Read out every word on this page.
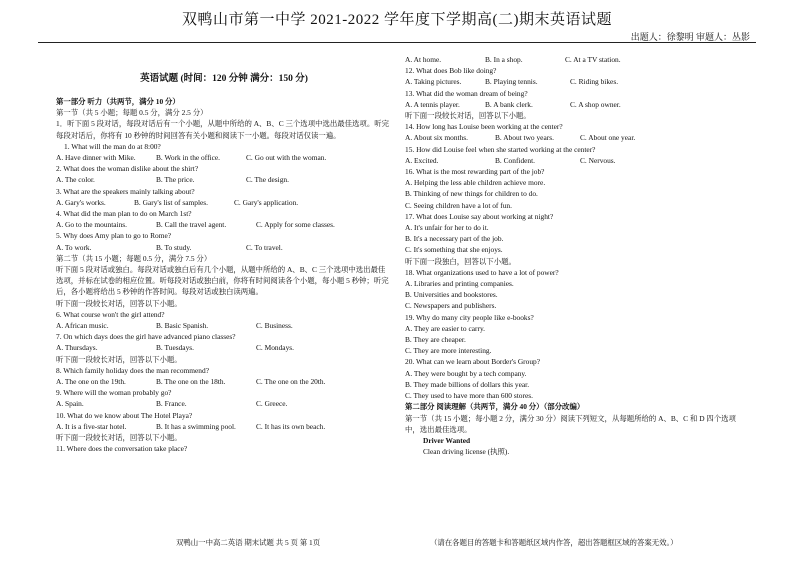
双鸭山市第一中学 2021-2022 学年度下学期高(二)期末英语试题
出题人：徐黎明 审题人：丛影
英语试题 (时间：120 分钟 满分：150 分)
第一部分 听力（共两节，满分 10 分）
第一节（共 5 小题；每题 0.5 分，满分 2.5 分）
1．听下面 5 段对话，每段对话后有一个小题，从题中所给的 A、B、C 三个选项中选出最佳选项。听完每段对话后，你将有 10 秒钟的时间回答有关小题和阅读下一小题。每段对话仅读一遍。
1. What will the man do at 8:00?
A. Have dinner with Mike.	B. Work in the office.	C. Go out with the woman.
2. What does the woman dislike about the shirt?
A. The color.	B. The price.	C. The design.
3. What are the speakers mainly talking about?
A. Gary's works.	B. Gary's list of samples.	C. Gary's application.
4. What did the man plan to do on March 1st?
A. Go to the mountains.	B. Call the travel agent.	C. Apply for some classes.
5. Why does Amy plan to go to Rome?
A. To work.	B. To study.	C. To travel.
第二节（共 15 小题；每题 0.5 分，满分 7.5 分）
听下面 5 段对话或独白。每段对话或独白后有几个小题，从题中所给的 A、B、C 三个选项中选出最佳选项，并标在试卷的相应位置。听每段对话或独白前，你将有时间阅读各个小题，每小题 5 秒钟；听完后，各小题将给出 5 秒钟的作答时间。每段对话或独白读两遍。
听下面一段较长对话，回答以下小题。
6. What course won't the girl attend?
A. African music.	B. Basic Spanish.	C. Business.
7. On which days does the girl have advanced piano classes?
A. Thursdays.	B. Tuesdays.	C. Mondays.
听下面一段较长对话，回答以下小题。
8. Which family holiday does the man recommend?
A. The one on the 19th.	B. The one on the 18th.	C. The one on the 20th.
9. Where will the woman probably go?
A. Spain.	B. France.	C. Greece.
10. What do we know about The Hotel Playa?
A. It is a five-star hotel.	B. It has a swimming pool.	C. It has its own beach.
听下面一段较长对话，回答以下小题。
11. Where does the conversation take place?
A. At home.	B. In a shop.	C. At a TV station.
12. What does Bob like doing?
A. Taking pictures.	B. Playing tennis.	C. Riding bikes.
13. What did the woman dream of being?
A. A tennis player.	B. A bank clerk.	C. A shop owner.
听下面一段较长对话，回答以下小题。
14. How long has Louise been working at the center?
A. About six months.	B. About two years.	C. About one year.
15. How did Louise feel when she started working at the center?
A. Excited.	B. Confident.	C. Nervous.
16. What is the most rewarding part of the job?
A. Helping the less able children achieve more.
B. Thinking of new things for children to do.
C. Seeing children have a lot of fun.
17. What does Louise say about working at night?
A. It's unfair for her to do it.
B. It's a necessary part of the job.
C. It's something that she enjoys.
听下面一段独白，回答以下小题。
18. What organizations used to have a lot of power?
A. Libraries and printing companies.
B. Universities and bookstores.
C. Newspapers and publishers.
19. Why do many city people like e-books?
A. They are easier to carry.
B. They are cheaper.
C. They are more interesting.
20. What can we learn about Border's Group?
A. They were bought by a tech company.
B. They made billions of dollars this year.
C. They used to have more than 600 stores.
第二部分 阅读理解（共两节，满分 40 分）（部分改编）
第一节（共 15 小题；每小题 2 分，满分 30 分）阅读下列短文，从每题所给的 A、B、C 和 D 四个选项中，选出最佳选项。
Driver Wanted
Clean driving license (执照).
双鸭山一中高二英语 期末试题 共 5 页 第 1页	（请在各题目的答题卡和答题纸区域内作答，超出答题框区域的答案无效。）
